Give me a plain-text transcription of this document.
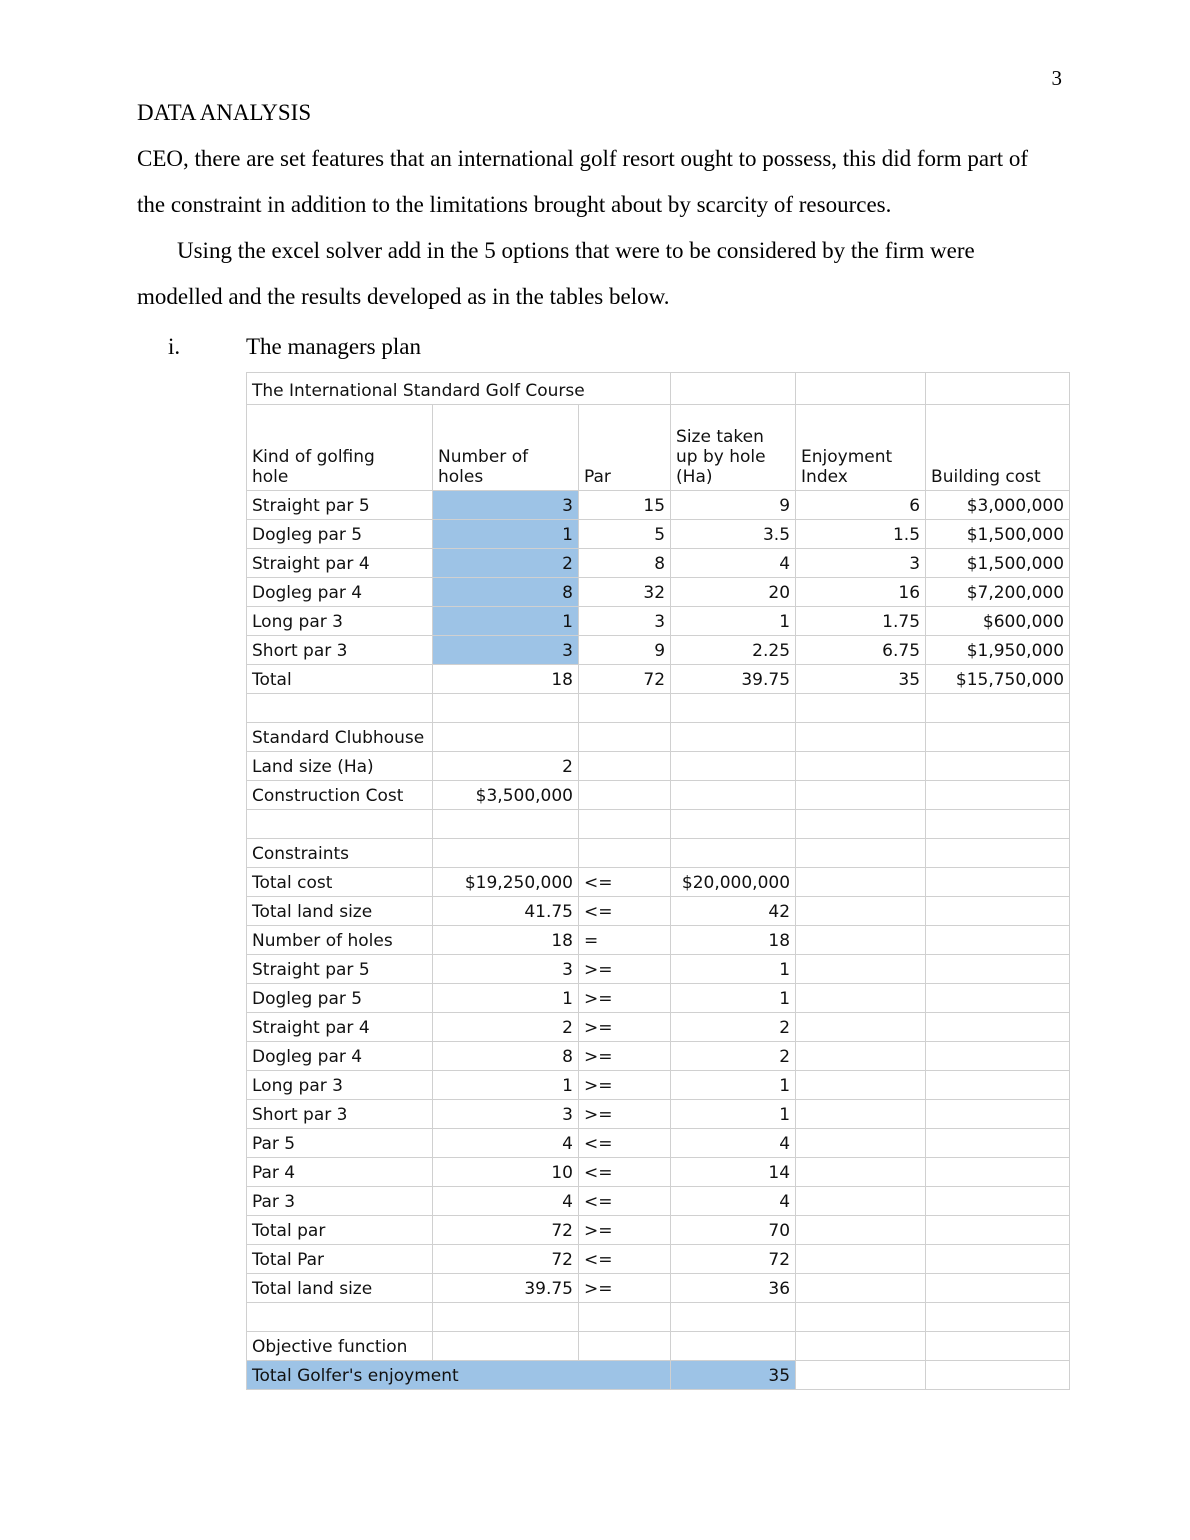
3

DATA ANALYSIS

CEO, there are set features that an international golf resort ought to possess, this did form part of

the constraint in addition to the limitations brought about by scarcity of resources.

Using the excel solver add in the 5 options that were to be considered by the firm were

modelled and the results developed as in the tables below.

i.	The managers plan
The International Standard Golf Course					
Kind of golfing
hole	Number of
holes	Par	Size taken
up by hole
(Ha)	Enjoyment
Index	Building cost
Straight par 5	3	15	9	6	$3,000,000
Dogleg par 5	1	5	3.5	1.5	$1,500,000
Straight par 4	2	8	4	3	$1,500,000
Dogleg par 4	8	32	20	16	$7,200,000
Long par 3	1	3	1	1.75	$600,000
Short par 3	3	9	2.25	6.75	$1,950,000
Total	18	72	39.75	35	$15,750,000

Standard Clubhouse					
Land size (Ha)	2				
Construction Cost	$3,500,000				

Constraints					
Total cost	$19,250,000	<=	$20,000,000		
Total land size	41.75	<=	42		
Number of holes	18	=	18		
Straight par 5	3	>=	1		
Dogleg par 5	1	>=	1		
Straight par 4	2	>=	2		
Dogleg par 4	8	>=	2		
Long par 3	1	>=	1		
Short par 3	3	>=	1		
Par 5	4	<=	4		
Par 4	10	<=	14		
Par 3	4	<=	4		
Total par	72	>=	70		
Total Par	72	<=	72		
Total land size	39.75	>=	36		

Objective function					
Total Golfer's enjoyment			35		
